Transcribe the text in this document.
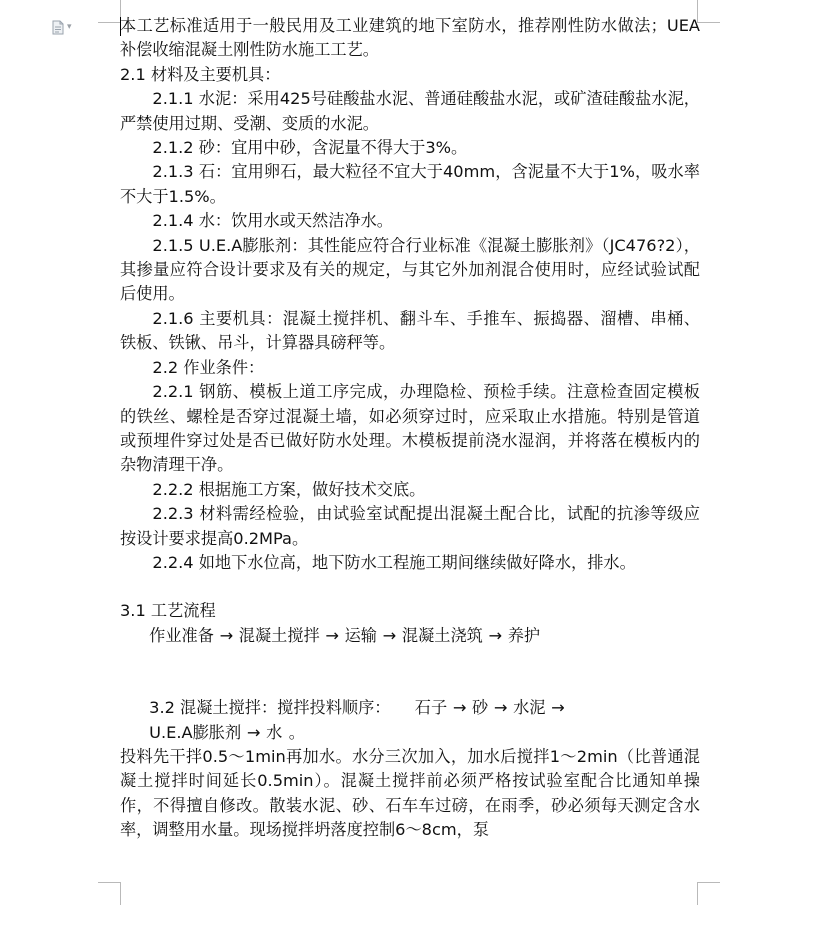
▾	本工艺标准适用于一般民用及工业建筑的地下室防水，推荐刚性防水做法；UEA补偿收缩混凝土刚性防水施工工艺。

2.1 材料及主要机具：

2.1.1 水泥：采用425号硅酸盐水泥、普通硅酸盐水泥，或矿渣硅酸盐水泥，严禁使用过期、受潮、变质的水泥。

2.1.2 砂：宜用中砂，含泥量不得大于3%。

2.1.3 石：宜用卵石，最大粒径不宜大于40mm，含泥量不大于1%，吸水率不大于1.5%。

2.1.4 水：饮用水或天然洁净水。

2.1.5 U.E.A膨胀剂：其性能应符合行业标准《混凝土膨胀剂》（JC476?2），其掺量应符合设计要求及有关的规定，与其它外加剂混合使用时，应经试验试配后使用。

2.1.6 主要机具：混凝土搅拌机、翻斗车、手推车、振捣器、溜槽、串桶、铁板、铁锹、吊斗，计算器具磅秤等。

2.2 作业条件：

2.2.1 钢筋、模板上道工序完成，办理隐检、预检手续。注意检查固定模板的铁丝、螺栓是否穿过混凝土墙，如必须穿过时，应采取止水措施。特别是管道或预埋件穿过处是否已做好防水处理。木模板提前浇水湿润，并将落在模板内的杂物清理干净。

2.2.2 根据施工方案，做好技术交底。

2.2.3 材料需经检验，由试验室试配提出混凝土配合比，试配的抗渗等级应按设计要求提高0.2MPa。

2.2.4 如地下水位高，地下防水工程施工期间继续做好降水，排水。

3.1 工艺流程

作业准备 → 混凝土搅拌 → 运输 → 混凝土浇筑 → 养护

3.2 混凝土搅拌：搅拌投料顺序： 石子 → 砂 → 水泥 →

U.E.A膨胀剂 → 水 。

投料先干拌0.5～1min再加水。水分三次加入，加水后搅拌1～2min（比普通混凝土搅拌时间延长0.5min）。混凝土搅拌前必须严格按试验室配合比通知单操作，不得擅自修改。散装水泥、砂、石车车过磅，在雨季，砂必须每天测定含水率，调整用水量。现场搅拌坍落度控制6～8cm，泵
